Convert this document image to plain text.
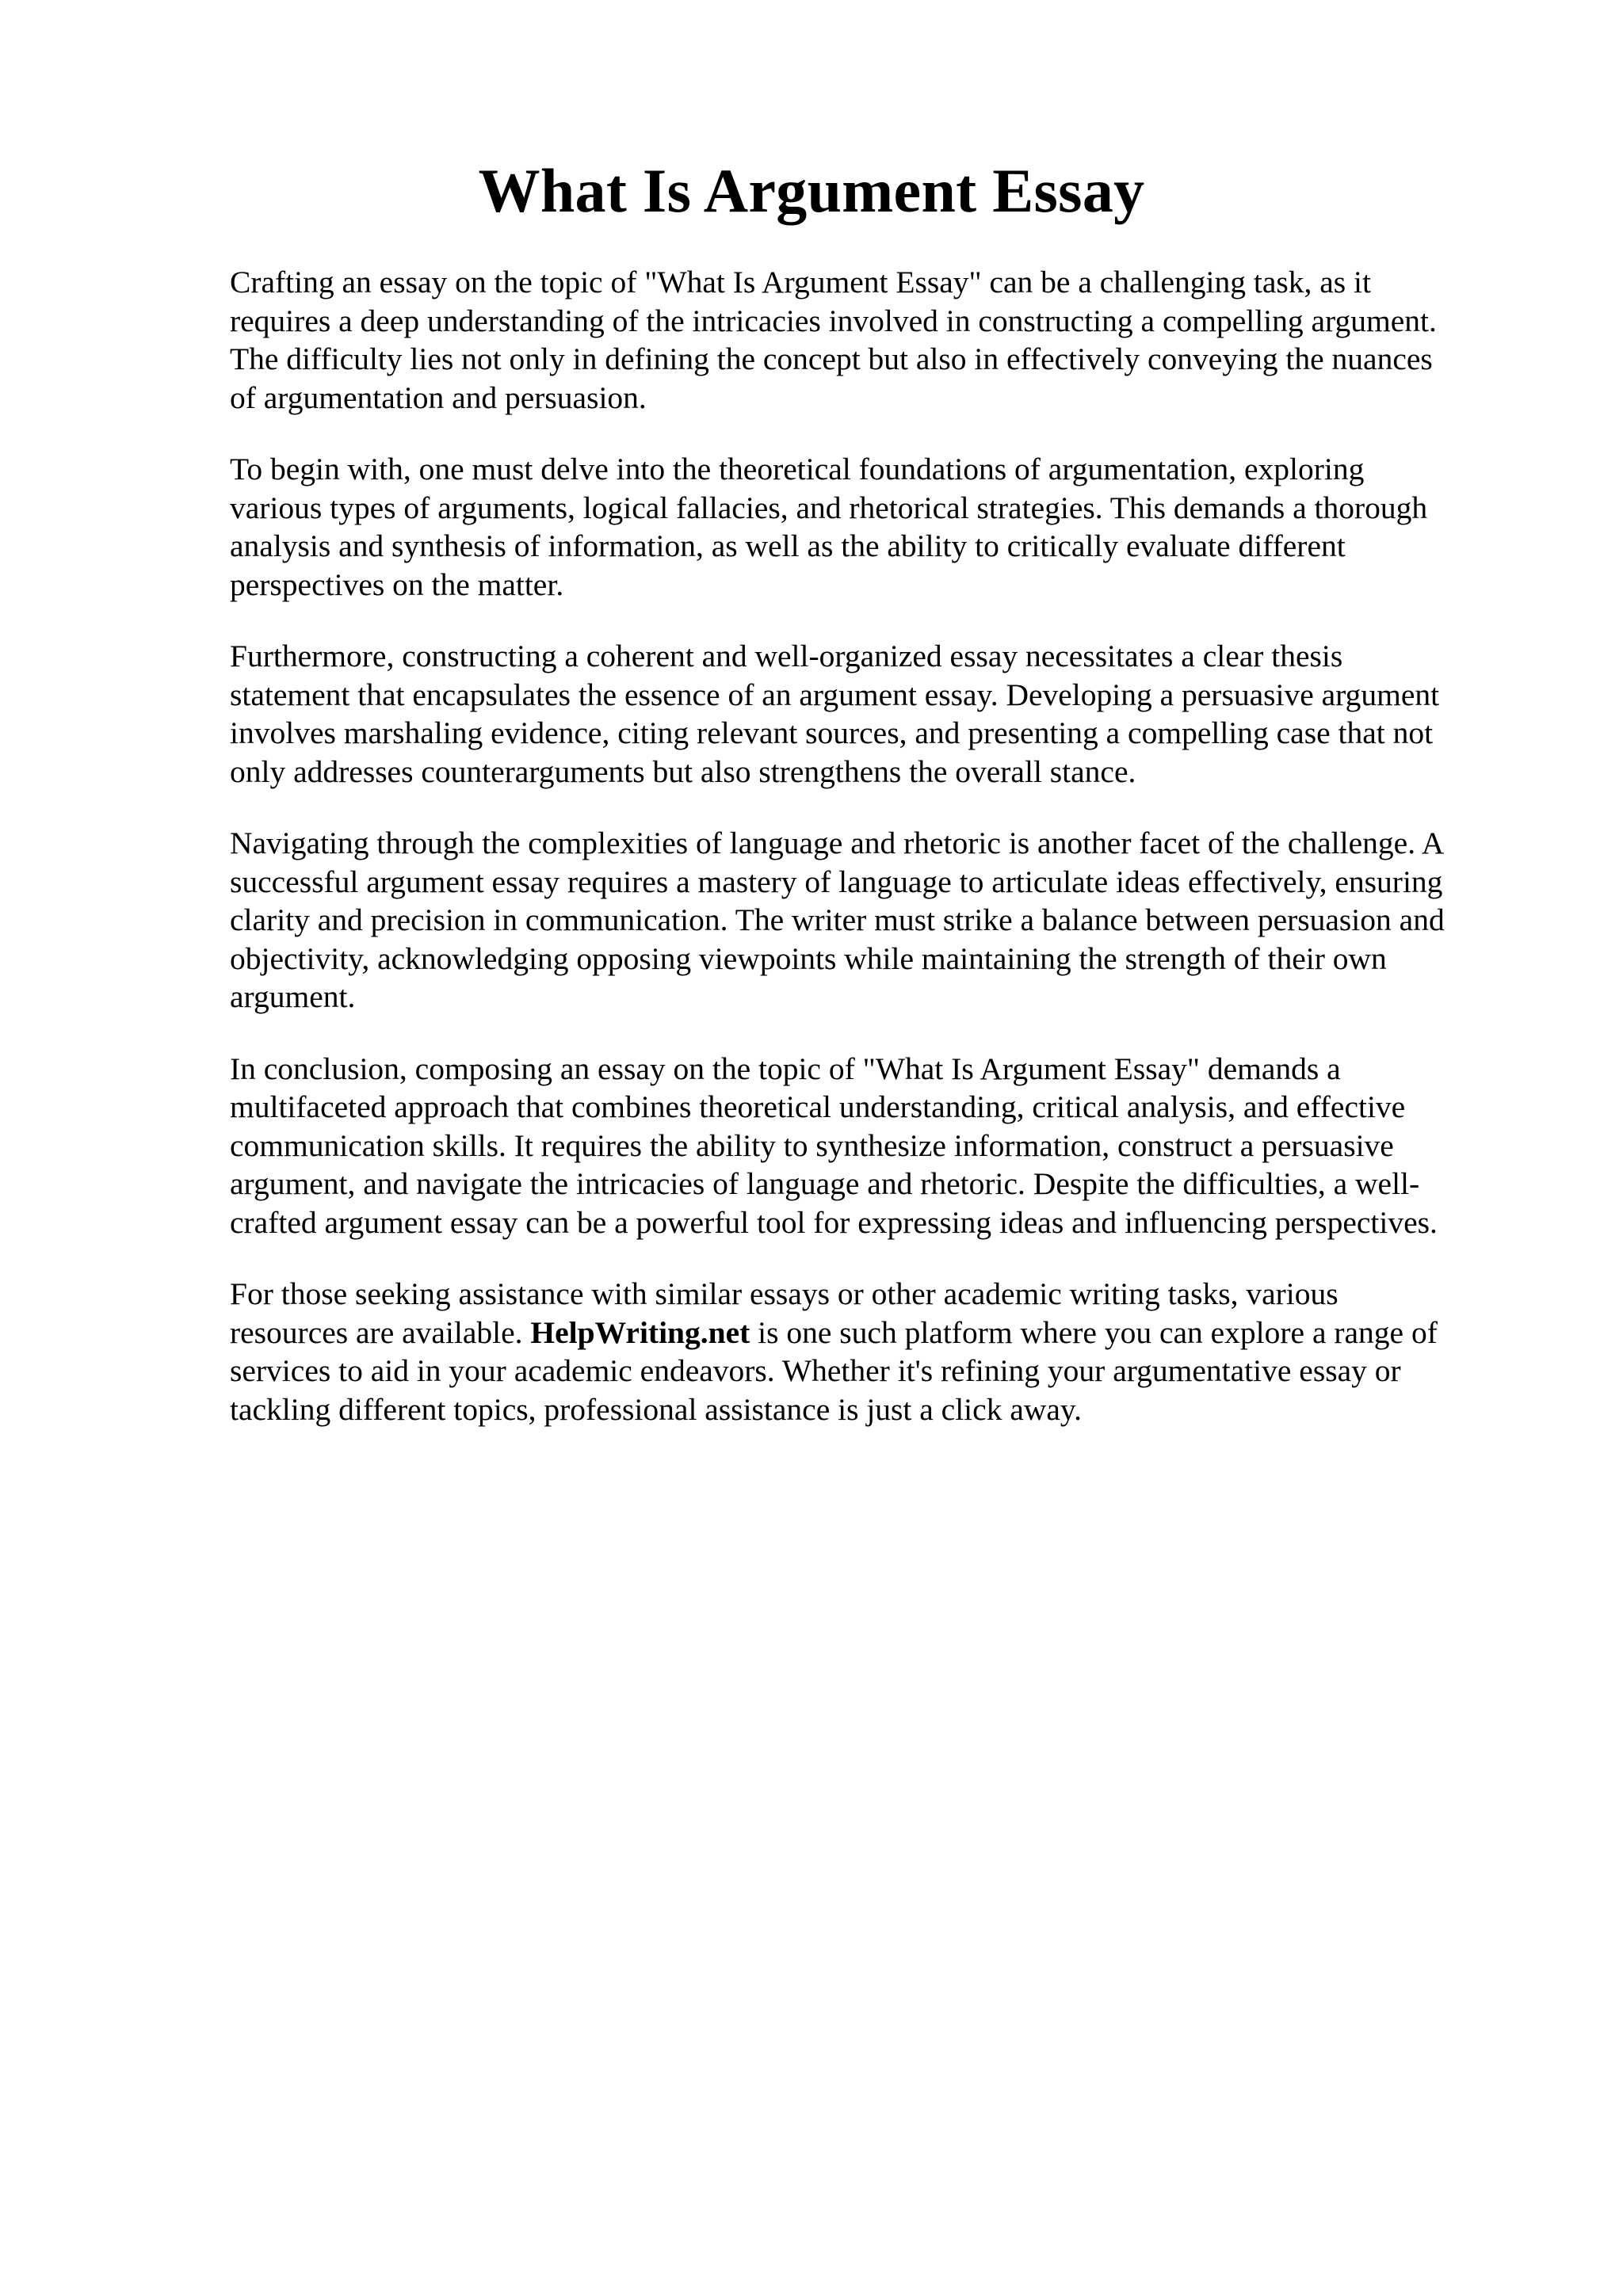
What Is Argument Essay

Crafting an essay on the topic of "What Is Argument Essay" can be a challenging task, as it
requires a deep understanding of the intricacies involved in constructing a compelling argument.
The difficulty lies not only in defining the concept but also in effectively conveying the nuances
of argumentation and persuasion.

To begin with, one must delve into the theoretical foundations of argumentation, exploring
various types of arguments, logical fallacies, and rhetorical strategies. This demands a thorough
analysis and synthesis of information, as well as the ability to critically evaluate different
perspectives on the matter.

Furthermore, constructing a coherent and well-organized essay necessitates a clear thesis
statement that encapsulates the essence of an argument essay. Developing a persuasive argument
involves marshaling evidence, citing relevant sources, and presenting a compelling case that not
only addresses counterarguments but also strengthens the overall stance.

Navigating through the complexities of language and rhetoric is another facet of the challenge. A
successful argument essay requires a mastery of language to articulate ideas effectively, ensuring
clarity and precision in communication. The writer must strike a balance between persuasion and
objectivity, acknowledging opposing viewpoints while maintaining the strength of their own
argument.

In conclusion, composing an essay on the topic of "What Is Argument Essay" demands a
multifaceted approach that combines theoretical understanding, critical analysis, and effective
communication skills. It requires the ability to synthesize information, construct a persuasive
argument, and navigate the intricacies of language and rhetoric. Despite the difficulties, a well-
crafted argument essay can be a powerful tool for expressing ideas and influencing perspectives.

For those seeking assistance with similar essays or other academic writing tasks, various
resources are available. HelpWriting.net is one such platform where you can explore a range of
services to aid in your academic endeavors. Whether it's refining your argumentative essay or
tackling different topics, professional assistance is just a click away.
